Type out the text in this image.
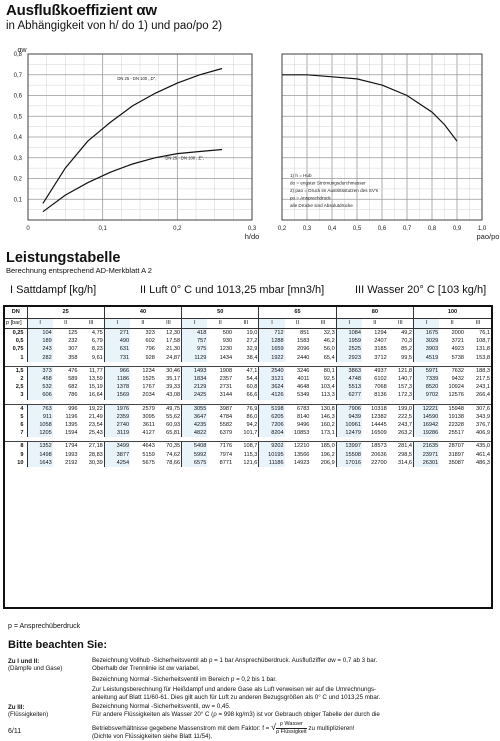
Ausflußkoeffizient αw
in Abhängigkeit von h/ do 1) und pao/po 2)
0	0,1	0,2	0,3
h/do
0,1
0,2
0,3
0,4
0,5
0,6
0,7
0,8
αw
DN 25 - DN 100 ,,D'',
DN 25 - DN 100 ,,E'',
0,2	0,3	0,4	0,5	0,6	0,7	0,8	0,9	1,0
pao/po
1) h = Hub
do = engster Strömungsdurchmesser
2) pao = Druck im Austrittsstutzen des SV's
po = Ansprechdruck
alle Drücke sind Absolutdrücke
Leistungstabelle
Berechnung entsprechend AD-Merkblatt A 2
I Sattdampf [kg/h]	II Luft 0° C und 1013,25 mbar [mn3/h]	III Wasser 20° C [103 kg/h]
DN	25			40			50			65			80			100		
p [bar]	I	II	III	I	II	III	I	II	III	I	II	III	I	II	III	I	II	III
0,25	104	125	4,75	271	323	12,30	418	500	19,0	712	851	32,3	1084	1294	49,2	1675	2000	76,1
0,5	189	232	6,79	490	602	17,58	757	930	27,2	1288	1583	46,2	1959	2407	70,3	3029	3721	108,7
0,75	243	307	8,23	631	796	21,30	975	1230	32,9	1659	2096	56,0	2525	3185	85,2	3903	4923	131,8
1	282	358	9,61	731	928	24,87	1129	1434	38,4	1922	2440	65,4	2923	3712	99,5	4519	5738	153,8

1,5	373	476	11,77	966	1234	30,46	1493	1908	47,1	2540	3246	80,1	3863	4937	121,8	5971	7632	188,3
2	458	589	13,59	1186	1525	35,17	1834	2357	54,4	3121	4011	92,5	4748	6102	140,7	7339	9432	217,5
2,5	532	682	15,19	1378	1767	39,33	2129	2731	60,8	3624	4648	103,4	5513	7068	157,3	8520	10924	243,1
3	606	786	16,64	1569	2034	43,08	2425	3144	66,6	4126	5349	113,3	6277	8136	172,3	9702	12576	266,4

4	763	996	19,22	1976	2579	49,75	3055	3987	76,9	5198	6783	130,8	7906	10318	199,0	12221	15948	307,6
5	911	1196	21,49	2359	3095	55,62	3647	4784	86,0	6205	8140	146,3	9439	12382	222,5	14590	19138	343,9
6	1058	1395	23,54	2740	3611	60,93	4235	5582	94,2	7206	9496	160,2	10961	14445	243,7	16942	22328	376,7
7	1205	1594	25,43	3119	4127	65,81	4822	6379	101,7	8204	10853	173,1	12479	16509	263,2	19286	25517	406,9

8	1352	1794	27,18	3499	4643	70,35	5408	7176	108,7	9202	12210	185,0	13997	18573	281,4	21635	28707	435,0
9	1498	1993	28,83	3877	5159	74,62	5992	7974	115,3	10195	13566	196,2	15508	20636	298,5	23971	31897	461,4
10	1643	2192	30,39	4254	5675	78,66	6575	8771	121,6	11186	14923	206,9	17016	22700	314,6	26301	35087	486,3
p = Ansprechüberdruck
Bitte beachten Sie:
Zu I und II:
(Dämpfe und Gase)
Bezeichnung Vollhub -Sicherheitsventil ab p = 1 bar Ansprechüberdruck. Ausflußziffer αw = 0,7 ab 3 bar.
Oberhalb der Trennlinie ist αw variabel.
Bezeichnung Normal -Sicherheitsventil im Bereich p = 0,2 bis 1 bar.
Zur Leistungsberechnung für Heißdampf und andere Gase als Luft verweisen wir auf die Umrechnungs-
anleitung auf Blatt 11/60-61. Dies gilt auch für Luft zu anderen Bezugsgrößen als 0° C und 1013,25 mbar.
Zu III:
(Flüssigkeiten)
Bezeichnung Normal -Sicherheitsventil, αw = 0,45.
Für andere Flüssigkeiten als Wasser 20° C (ρ = 998 kg/m3) ist vor Gebrauch obiger Tabelle der durch die
Betriebsverhältnisse gegebene Massenstrom mit dem Faktor: f = √ $\frac{\text{ρ Wasser}}{\text{ρ Flüssigkeit}}$ zu multiplizieren!
(Dichte von Flüssigkeiten siehe Blatt 11/54).
6/11
